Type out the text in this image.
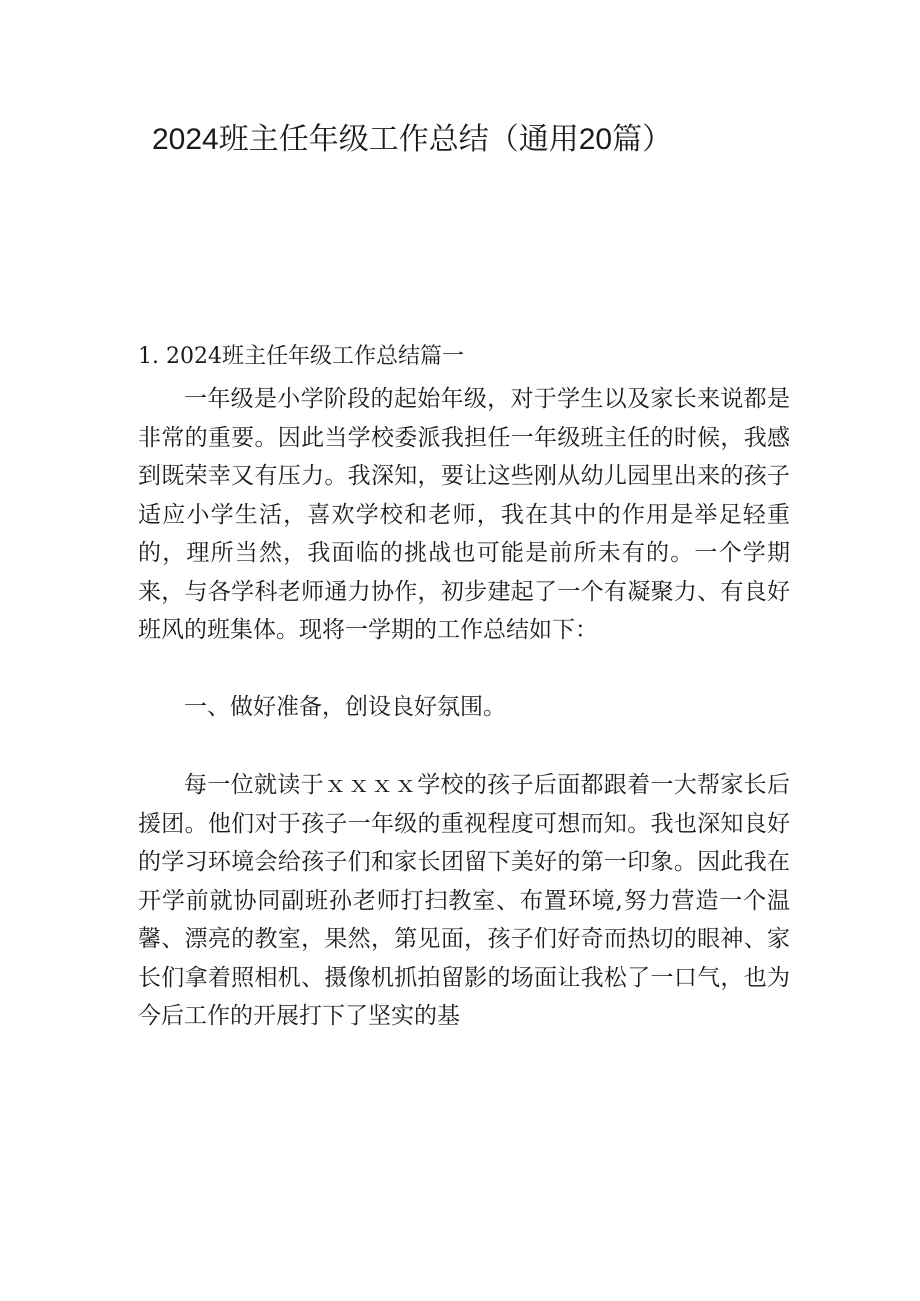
2024班主任年级工作总结（通用20篇）

1. 2024班主任年级工作总结篇一

一年级是小学阶段的起始年级，对于学生以及家长来说都是非常的重要。因此当学校委派我担任一年级班主任的时候，我感到既荣幸又有压力。我深知，要让这些刚从幼儿园里出来的孩子适应小学生活，喜欢学校和老师，我在其中的作用是举足轻重的，理所当然，我面临的挑战也可能是前所未有的。一个学期来，与各学科老师通力协作，初步建起了一个有凝聚力、有良好班风的班集体。现将一学期的工作总结如下：

一、做好准备，创设良好氛围。

每一位就读于ｘｘｘｘ学校的孩子后面都跟着一大帮家长后援团。他们对于孩子一年级的重视程度可想而知。我也深知良好的学习环境会给孩子们和家长团留下美好的第一印象。因此我在开学前就协同副班孙老师打扫教室、布置环境,努力营造一个温馨、漂亮的教室，果然，第见面，孩子们好奇而热切的眼神、家长们拿着照相机、摄像机抓拍留影的场面让我松了一口气，也为今后工作的开展打下了坚实的基
